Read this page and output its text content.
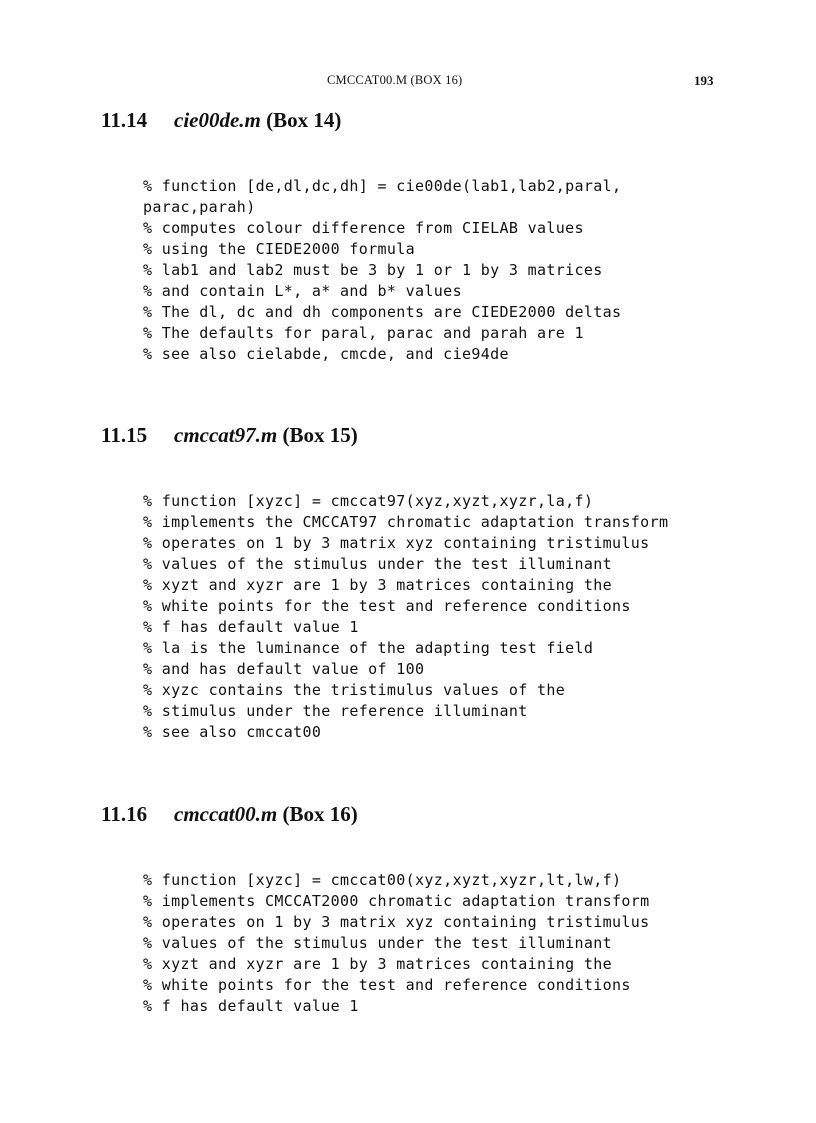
CMCCAT00.M (BOX 16)	193
11.14 cie00de.m (Box 14)
% function [de,dl,dc,dh] = cie00de(lab1,lab2,paral,
parac,parah)
% computes colour difference from CIELAB values
% using the CIEDE2000 formula
% lab1 and lab2 must be 3 by 1 or 1 by 3 matrices
% and contain L*, a* and b* values
% The dl, dc and dh components are CIEDE2000 deltas
% The defaults for paral, parac and parah are 1
% see also cielabde, cmcde, and cie94de
11.15 cmccat97.m (Box 15)
% function [xyzc] = cmccat97(xyz,xyzt,xyzr,la,f)
% implements the CMCCAT97 chromatic adaptation transform
% operates on 1 by 3 matrix xyz containing tristimulus
% values of the stimulus under the test illuminant
% xyzt and xyzr are 1 by 3 matrices containing the
% white points for the test and reference conditions
% f has default value 1
% la is the luminance of the adapting test field
% and has default value of 100
% xyzc contains the tristimulus values of the
% stimulus under the reference illuminant
% see also cmccat00
11.16 cmccat00.m (Box 16)
% function [xyzc] = cmccat00(xyz,xyzt,xyzr,lt,lw,f)
% implements CMCCAT2000 chromatic adaptation transform
% operates on 1 by 3 matrix xyz containing tristimulus
% values of the stimulus under the test illuminant
% xyzt and xyzr are 1 by 3 matrices containing the
% white points for the test and reference conditions
% f has default value 1
